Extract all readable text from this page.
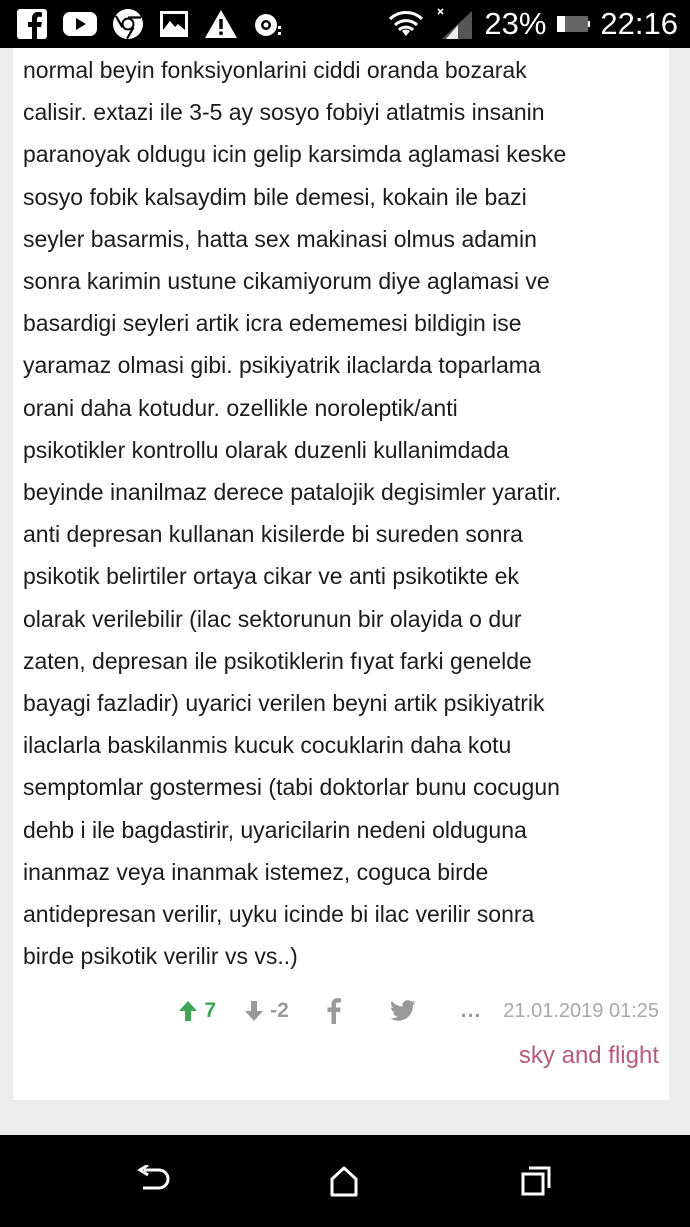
23% 22:16
normal beyin fonksiyonlarini ciddi oranda bozarak
calisir. extazi ile 3-5 ay sosyo fobiyi atlatmis insanin
paranoyak oldugu icin gelip karsimda aglamasi keske
sosyo fobik kalsaydim bile demesi, kokain ile bazi
seyler basarmis, hatta sex makinasi olmus adamin
sonra karimin ustune cikamiyorum diye aglamasi ve
basardigi seyleri artik icra edememesi bildigin ise
yaramaz olmasi gibi. psikiyatrik ilaclarda toparlama
orani daha kotudur. ozellikle noroleptik/anti
psikotikler kontrollu olarak duzenli kullanimdada
beyinde inanilmaz derece patalojik degisimler yaratir.
anti depresan kullanan kisilerde bi sureden sonra
psikotik belirtiler ortaya cikar ve anti psikotikte ek
olarak verilebilir (ilac sektorunun bir olayida o dur
zaten, depresan ile psikotiklerin fıyat farki genelde
bayagi fazladir) uyarici verilen beyni artik psikiyatrik
ilaclarla baskilanmis kucuk cocuklarin daha kotu
semptomlar gostermesi (tabi doktorlar bunu cocugun
dehb i ile bagdastirir, uyaricilarin nedeni olduguna
inanmaz veya inanmak istemez, coguca birde
antidepresan verilir, uyku icinde bi ilac verilir sonra
birde psikotik verilir vs vs..)
7	-2	... 21.01.2019 01:25
sky and flight
